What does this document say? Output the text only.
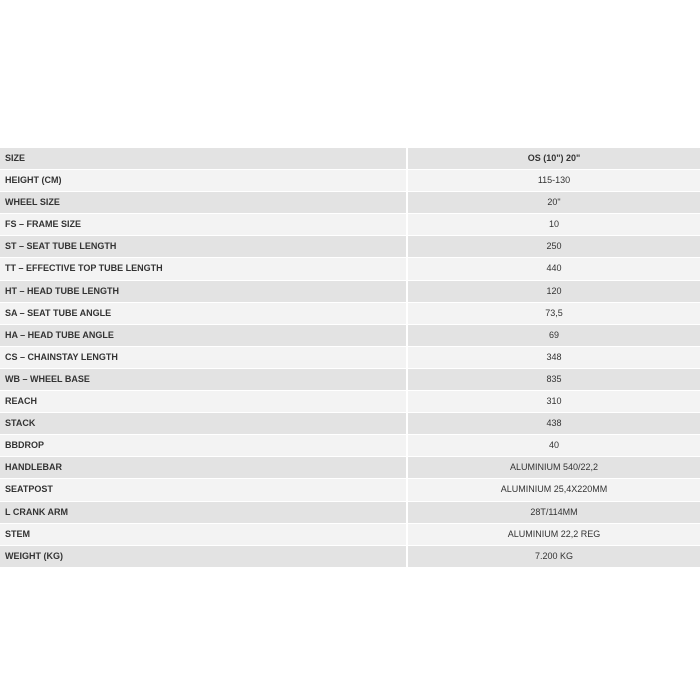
SIZE	OS (10") 20"
HEIGHT (CM)	115-130
WHEEL SIZE	20"
FS – FRAME SIZE	10
ST – SEAT TUBE LENGTH	250
TT – EFFECTIVE TOP TUBE LENGTH	440
HT – HEAD TUBE LENGTH	120
SA – SEAT TUBE ANGLE	73,5
HA – HEAD TUBE ANGLE	69
CS – CHAINSTAY LENGTH	348
WB – WHEEL BASE	835
REACH	310
STACK	438
BBDROP	40
HANDLEBAR	ALUMINIUM 540/22,2
SEATPOST	ALUMINIUM 25,4X220MM
L CRANK ARM	28T/114MM
STEM	ALUMINIUM 22,2 REG
WEIGHT (KG)	7.200 KG
